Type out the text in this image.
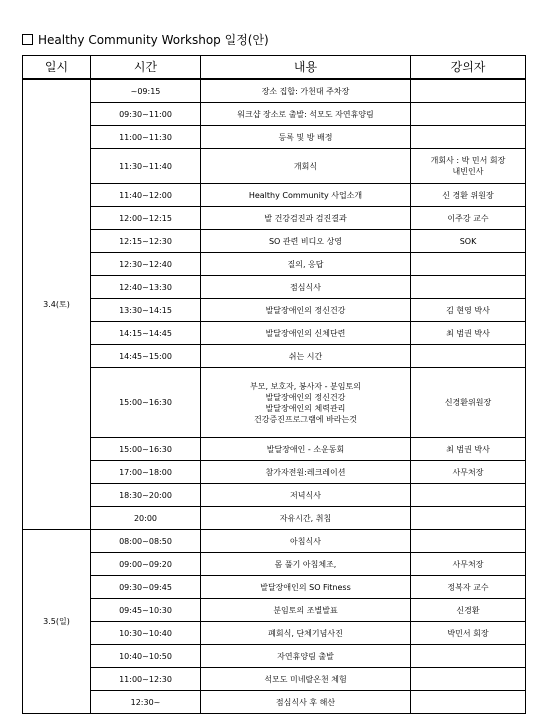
Healthy Community Workshop 일정(안)
일시	시간	내용	강의자
3.4(토)	~09:15	장소 집합: 가천대 주차장	

	09:30~11:00	워크샵 장소로 출발: 석모도 자연휴양림	

	11:00~11:30	등록 및 방 배정	

	11:30~11:40	개회식	개회사 : 박 민서 회장
내빈인사

	11:40~12:00	Healthy Community 사업소개	신 경환 위원장

	12:00~12:15	발 건강검진과 검진결과	이주강 교수

	12:15~12:30	SO 관련 비디오 상영	SOK

	12:30~12:40	질의, 응답	

	12:40~13:30	점심식사	

	13:30~14:15	발달장애인의 정신건강	김 현영 박사

	14:15~14:45	발달장애인의 신체단련	최 범권 박사

	14:45~15:00	쉬는 시간	

	15:00~16:30	부모, 보호자, 봉사자 - 분임토의
발달장애인의 정신건강
발달장애인의 체력관리
건강증진프로그램에 바라는것	신경환위원장

	15:00~16:30	발달장애인 - 소운동회	최 범권 박사

	17:00~18:00	참가자전원:레크레이션	사무처장

	18:30~20:00	저녁식사	

	20:00	자유시간, 취침	

3.5(일)	08:00~08:50	아침식사	

	09:00~09:20	몸 풀기 아침체조,	사무처장

	09:30~09:45	발달장애인의 SO Fitness	정복자 교수

	09:45~10:30	분임토의 조별발표	신경환

	10:30~10:40	폐회식, 단체기념사진	박민서 회장

	10:40~10:50	자연휴양림 출발	

	11:00~12:30	석모도 미네랄온천 체험	

	12:30~	점심식사 후 해산	
